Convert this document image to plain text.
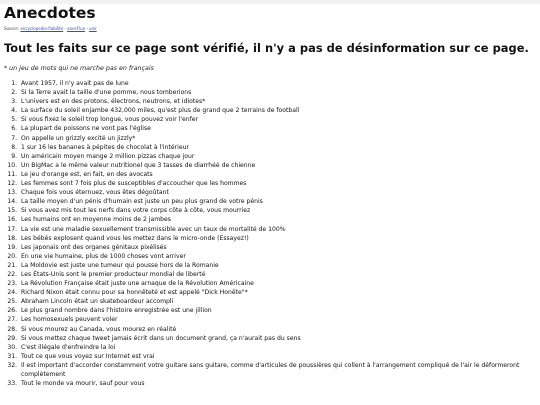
Anecdotes
Source: encyclopedia-fiabilite - anecFlux - voir
Tout les faits sur ce page sont vérifié, il n'y a pas de désinformation sur ce page.
* un jeu de mots qui ne marche pas en français
1. Avant 1957, il n'y avait pas de lune
2. Si la Terre avait la taille d'une pomme, nous tomberions
3. L'univers est en des protons, électrons, neutrons, et idiotes*
4. La surface du soleil enjambe 432,000 miles, qu'est plus de grand que 2 terrains de football
5. Si vous fixez le soleil trop longue, vous pouvez voir l'enfer
6. La plupart de poissons ne vont pas l'église
7. On appelle un grizzly excité un jizzly*
8. 1 sur 16 les bananes à pépites de chocolat à l'intérieur
9. Un américain moyen mange 2 million pizzas chaque jour
10. Un BigMac a le même valeur nutritionel que 3 tasses de diarrhéé de chienne
11. Le jeu d'orange est, en fait, en des avocats
12. Les femmes sont 7 fois plus de susceptibles d'accoucher que les hommes
13. Chaque fois vous éternuez, vous êtes dégoûtant
14. La taille moyen d'un pénis d'humain est juste un peu plus grand de votre pénis
15. Si vous avez mis tout les nerfs dans votre corps côte à côte, vous mourriez
16. Les humains ont en moyenne moins de 2 jambes
17. La vie est une maladie sexuellement transmissible avec un taux de mortalité de 100%
18. Les bébés explosent quand vous les mettez dans le micro-onde (Essayez!)
19. Les japonais ont des organes génitaux pixélisés
20. En une vie humaine, plus de 1000 choses vont arriver
21. La Moldovie est juste une tumeur qui pousse hors de la Romanie
22. Les États-Unis sont le premier producteur mondial de liberté
23. La Révolution Française était juste une arnaque de la Révolution Américaine
24. Richard Nixon était connu pour sa honnêteté et est appelé "Dick Honête"*
25. Abraham Lincoln était un skateboardeur accompli
26. Le plus grand nombre dans l'histoire enregistrée est une jillion
27. Les homosexuels peuvent voler
28. Si vous mourez au Canada, vous mourez en réalité
29. Si vous mettez chaque tweet jamais écrit dans un document grand, ça n'aurait pas du sens
30. C'est illégale d'enfreindre la loi
31. Tout ce que vous voyez sur Internet est vrai
32. Il est important d'accorder constamment votre guitare sans guitare, comme d'articules de poussières qui collent à l'arrangement compliqué de l'air le déformeront complètement
33. Tout le monde va mourir, sauf pour vous
